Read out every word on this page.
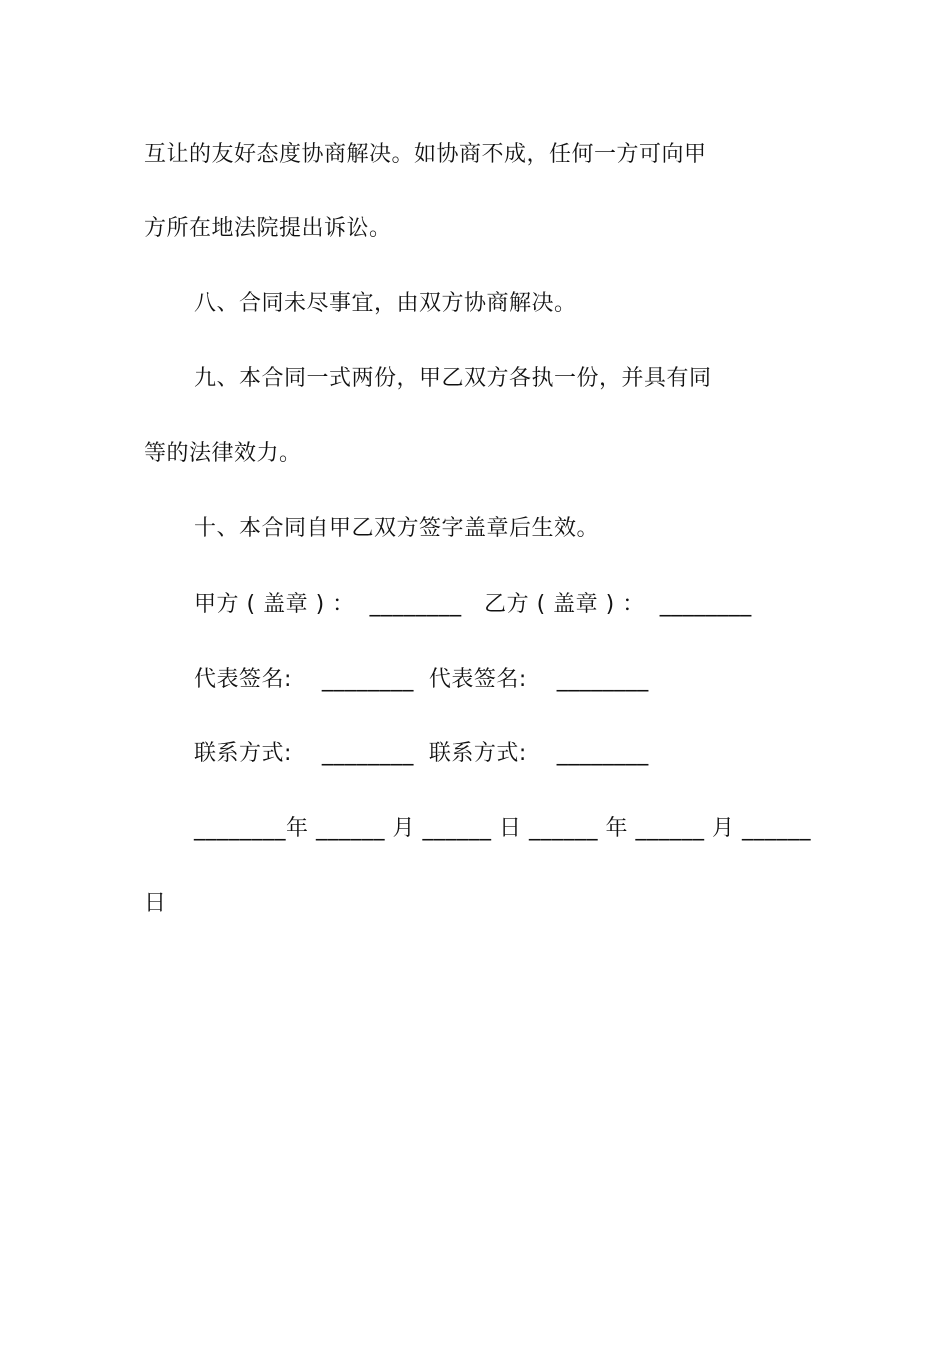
互让的友好态度协商解决。如协商不成，任何一方可向甲
方所在地法院提出诉讼。
八、合同未尽事宜，由双方协商解决。
九、本合同一式两份，甲乙双方各执一份，并具有同
等的法律效力。
十、本合同自甲乙双方签字盖章后生效。
甲方 ( 盖章 ) ：  ________   乙方 ( 盖章 ) ：  ________
代表签名:    ________  代表签名:    ________
联系方式:    ________  联系方式:    ________
________年 ______ 月 ______ 日 ______ 年 ______ 月 ______
日
